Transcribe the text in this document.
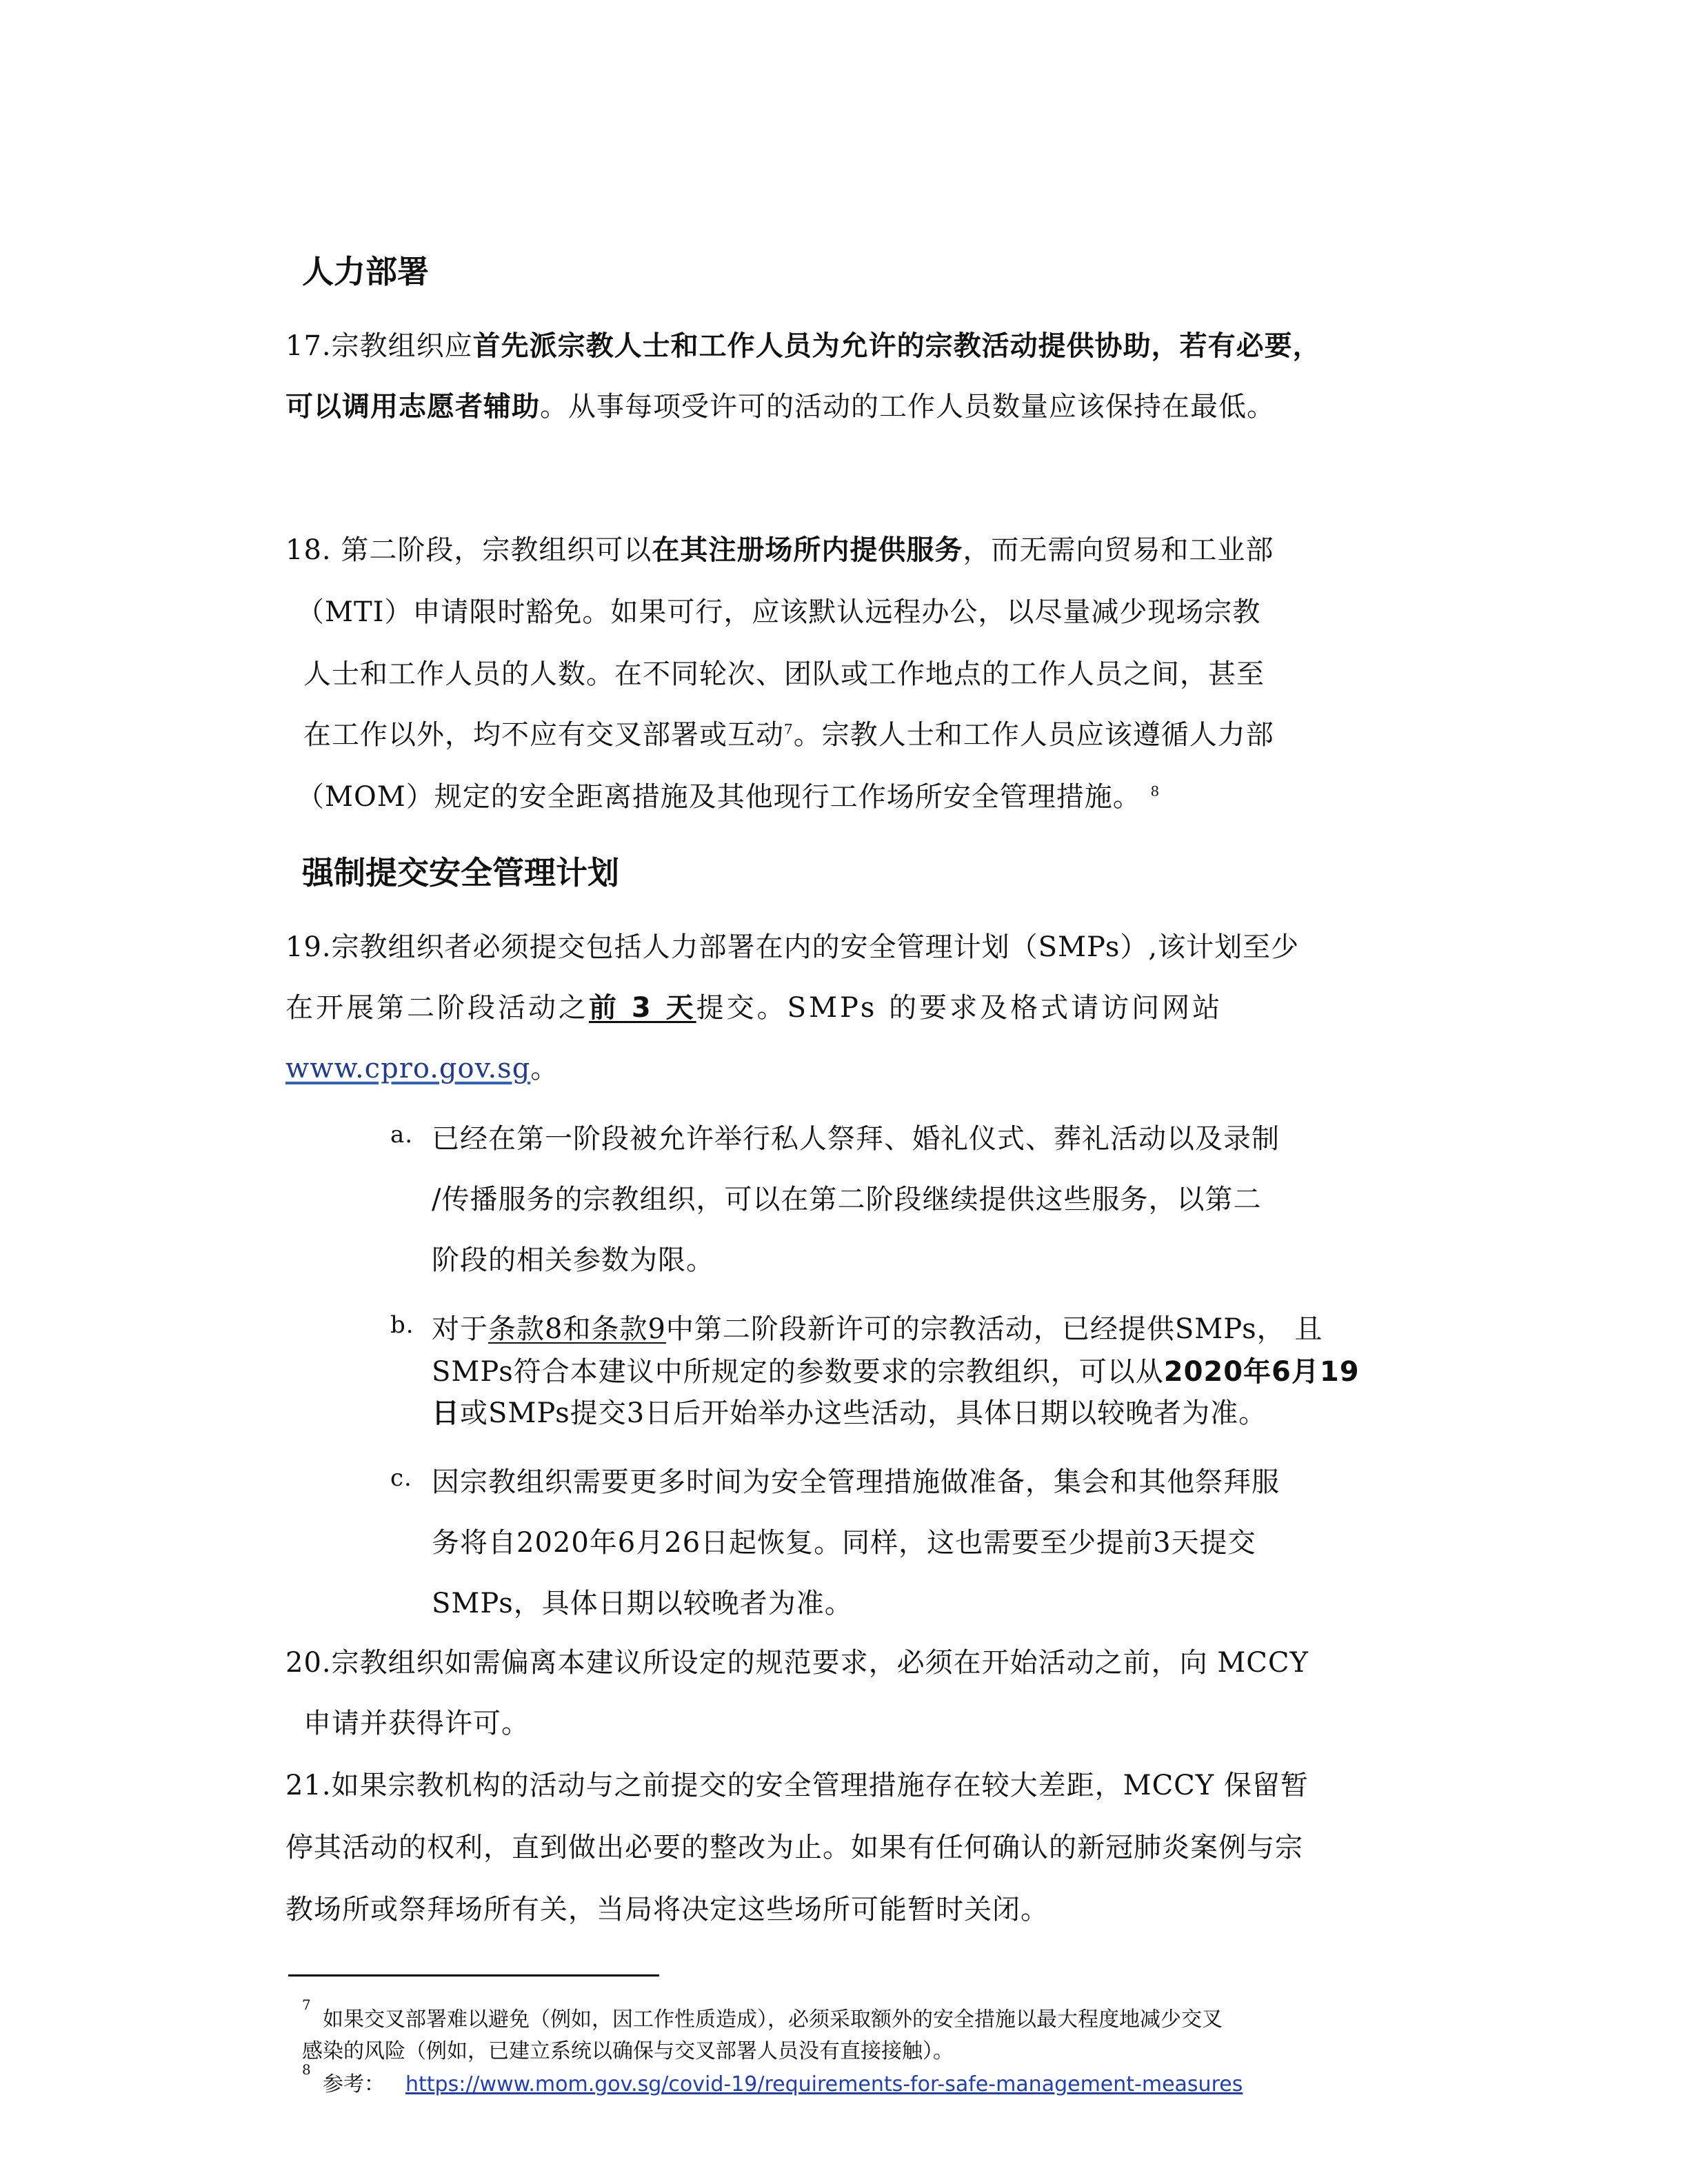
人力部署
强制提交安全管理计划
17.宗教组织应首先派宗教人士和工作人员为允许的宗教活动提供协助，若有必要，
可以调用志愿者辅助。从事每项受许可的活动的工作人员数量应该保持在最低。
18. 第二阶段，宗教组织可以在其注册场所内提供服务，而无需向贸易和工业部
（MTI）申请限时豁免。如果可行，应该默认远程办公，以尽量减少现场宗教
人士和工作人员的人数。在不同轮次、团队或工作地点的工作人员之间，甚至
在工作以外，均不应有交叉部署或互动$^7$。宗教人士和工作人员应该遵循人力部
（MOM）规定的安全距离措施及其他现行工作场所安全管理措施。 $^8$
19.宗教组织者必须提交包括人力部署在内的安全管理计划（SMPs）,该计划至少
在开展第二阶段活动之前 3 天提交。SMPs 的要求及格式请访问网站
www.cpro.gov.sg。
a. 已经在第一阶段被允许举行私人祭拜、婚礼仪式、葬礼活动以及录制
/传播服务的宗教组织，可以在第二阶段继续提供这些服务，以第二
阶段的相关参数为限。
b. 对于条款8和条款9中第二阶段新许可的宗教活动，已经提供SMPs， 且
SMPs符合本建议中所规定的参数要求的宗教组织，可以从2020年6月19
日或SMPs提交3日后开始举办这些活动，具体日期以较晚者为准。
c. 因宗教组织需要更多时间为安全管理措施做准备，集会和其他祭拜服
务将自2020年6月26日起恢复。同样，这也需要至少提前3天提交
SMPs，具体日期以较晚者为准。
20.宗教组织如需偏离本建议所设定的规范要求，必须在开始活动之前，向 MCCY
申请并获得许可。
21.如果宗教机构的活动与之前提交的安全管理措施存在较大差距，MCCY 保留暂
停其活动的权利，直到做出必要的整改为止。如果有任何确认的新冠肺炎案例与宗
教场所或祭拜场所有关，当局将决定这些场所可能暂时关闭。
7
如果交叉部署难以避免（例如，因工作性质造成），必须采取额外的安全措施以最大程度地减少交叉
感染的风险（例如，已建立系统以确保与交叉部署人员没有直接接触）。
8
参考： https://www.mom.gov.sg/covid-19/requirements-for-safe-management-measures
